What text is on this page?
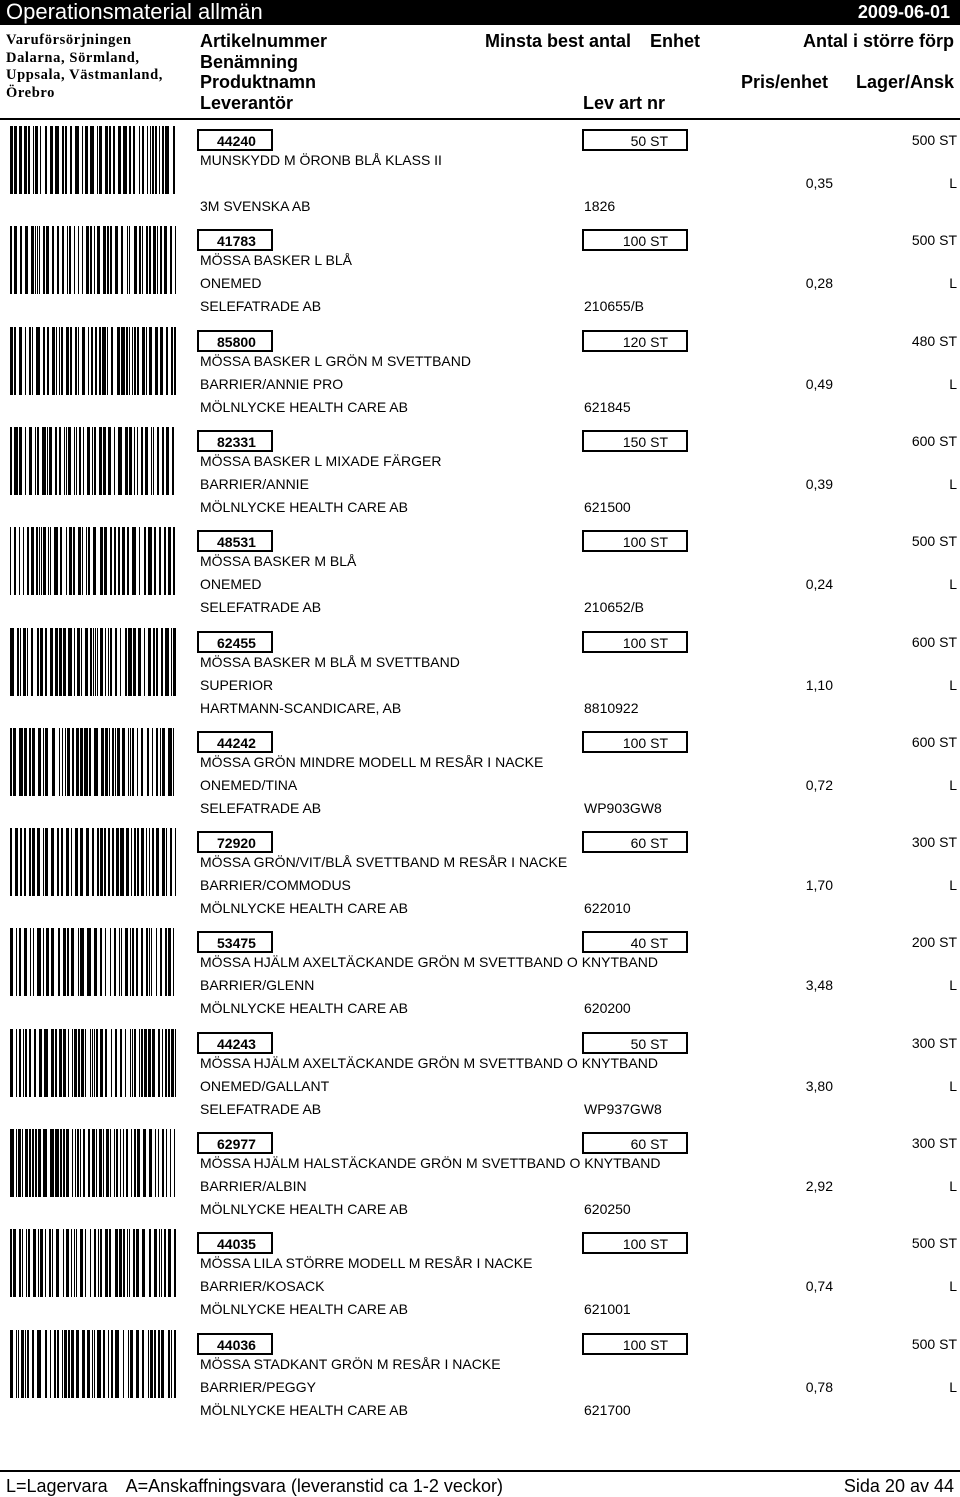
Operationsmaterial allmän	2009-06-01
Varuförsörjningen
Dalarna, Sörmland,
Uppsala, Västmanland,
Örebro
Artikelnummer
Benämning
Produktnamn
Leverantör
Minsta best antal Enhet
Lev art nr
Antal i större förp
Pris/enhet Lager/Ansk
44240	50 ST	500 ST
MUNSKYDD M ÖRONB BLÅ KLASS II
0,35	L
3M SVENSKA AB	1826
41783	100 ST	500 ST
MÖSSA BASKER L BLÅ
ONEMED	0,28	L
SELEFATRADE AB	210655/B
85800	120 ST	480 ST
MÖSSA BASKER L GRÖN M SVETTBAND
BARRIER/ANNIE PRO	0,49	L
MÖLNLYCKE HEALTH CARE AB	621845
82331	150 ST	600 ST
MÖSSA BASKER L MIXADE FÄRGER
BARRIER/ANNIE	0,39	L
MÖLNLYCKE HEALTH CARE AB	621500
48531	100 ST	500 ST
MÖSSA BASKER M BLÅ
ONEMED	0,24	L
SELEFATRADE AB	210652/B
62455	100 ST	600 ST
MÖSSA BASKER M BLÅ M SVETTBAND
SUPERIOR	1,10	L
HARTMANN-SCANDICARE, AB	8810922
44242	100 ST	600 ST
MÖSSA GRÖN MINDRE MODELL M RESÅR I NACKE
ONEMED/TINA	0,72	L
SELEFATRADE AB	WP903GW8
72920	60 ST	300 ST
MÖSSA GRÖN/VIT/BLÅ SVETTBAND M RESÅR I NACKE
BARRIER/COMMODUS	1,70	L
MÖLNLYCKE HEALTH CARE AB	622010
53475	40 ST	200 ST
MÖSSA HJÄLM AXELTÄCKANDE GRÖN M SVETTBAND O KNYTBAND
BARRIER/GLENN	3,48	L
MÖLNLYCKE HEALTH CARE AB	620200
44243	50 ST	300 ST
MÖSSA HJÄLM AXELTÄCKANDE GRÖN M SVETTBAND O KNYTBAND
ONEMED/GALLANT	3,80	L
SELEFATRADE AB	WP937GW8
62977	60 ST	300 ST
MÖSSA HJÄLM HALSTÄCKANDE GRÖN M SVETTBAND O KNYTBAND
BARRIER/ALBIN	2,92	L
MÖLNLYCKE HEALTH CARE AB	620250
44035	100 ST	500 ST
MÖSSA LILA STÖRRE MODELL M RESÅR I NACKE
BARRIER/KOSACK	0,74	L
MÖLNLYCKE HEALTH CARE AB	621001
44036	100 ST	500 ST
MÖSSA STADKANT GRÖN M RESÅR I NACKE
BARRIER/PEGGY	0,78	L
MÖLNLYCKE HEALTH CARE AB	621700
L=Lagervara A=Anskaffningsvara (leveranstid ca 1-2 veckor)	Sida 20 av 44
